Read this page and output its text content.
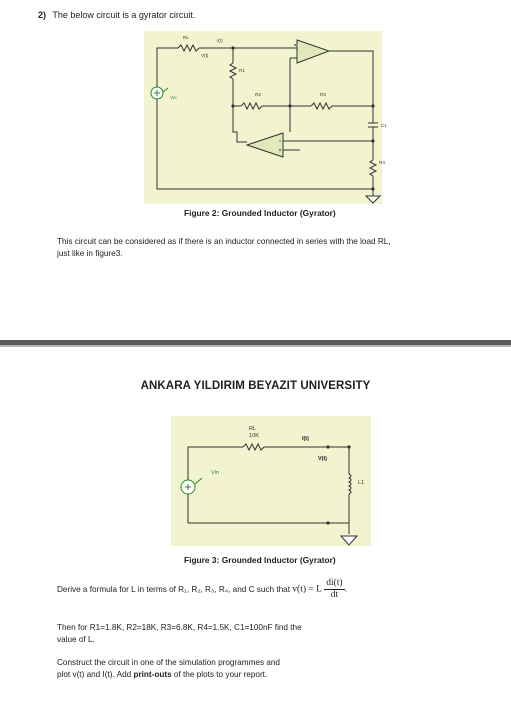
2) The below circuit is a gyrator circuit.
RL
I(t)
V(t)
R1
R2	R3
C1
R4
Vin
Figure 2: Grounded Inductor (Gyrator)
This circuit can be considered as if there is an inductor connected in series with the load RL,
just like in figure3.
ANKARA YILDIRIM BEYAZIT UNIVERSITY
RL
10K	I(t)
V(t)
Vin
L1
Figure 3: Grounded Inductor (Gyrator)
Derive a formula for L in terms of R₁, R₂, R₃, R₄, and C such that v(t) = L $\frac{di(t)}{dt}$ .
Then for R1=1.8K, R2=18K, R3=6.8K, R4=1.5K, C1=100nF find the
value of L.
Construct the circuit in one of the simulation programmes and
plot v(t) and I(t). Add print-outs of the plots to your report.
